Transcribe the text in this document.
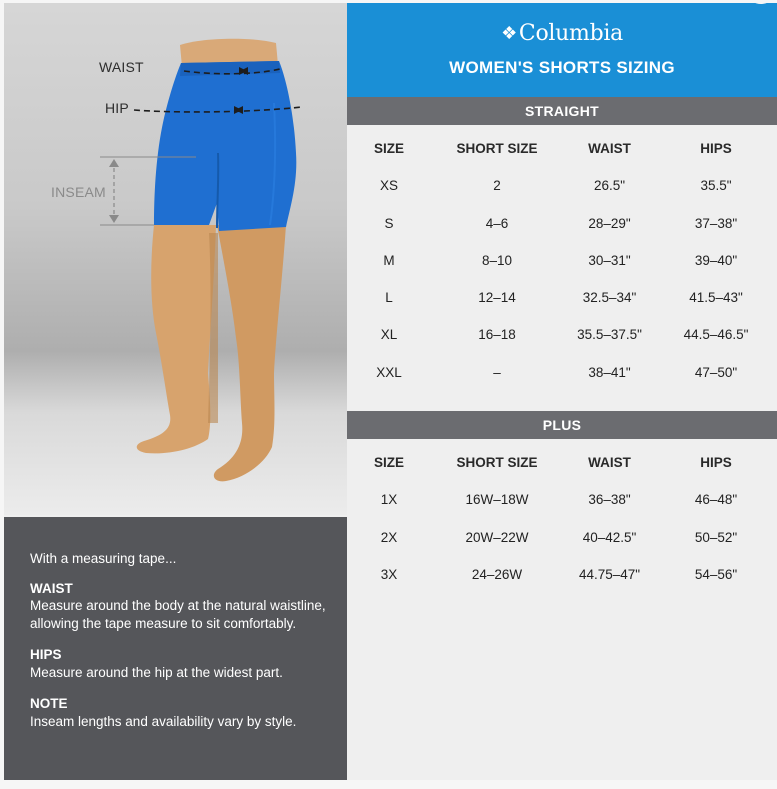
WAIST
HIP
INSEAM
With a measuring tape...
WAIST
Measure around the body at the natural waistline, allowing the tape measure to sit comfortably.
HIPS
Measure around the hip at the widest part.
NOTE
Inseam lengths and availability vary by style.
❖Columbia
WOMEN'S SHORTS SIZING
STRAIGHT
SIZE	SHORT SIZE	WAIST	HIPS
XS	2	26.5"	35.5"
S	4–6	28–29"	37–38"
M	8–10	30–31"	39–40"
L	12–14	32.5–34"	41.5–43"
XL	16–18	35.5–37.5"	44.5–46.5"
XXL	–	38–41"	47–50"
PLUS
SIZE	SHORT SIZE	WAIST	HIPS
1X	16W–18W	36–38"	46–48"
2X	20W–22W	40–42.5"	50–52"
3X	24–26W	44.75–47"	54–56"
